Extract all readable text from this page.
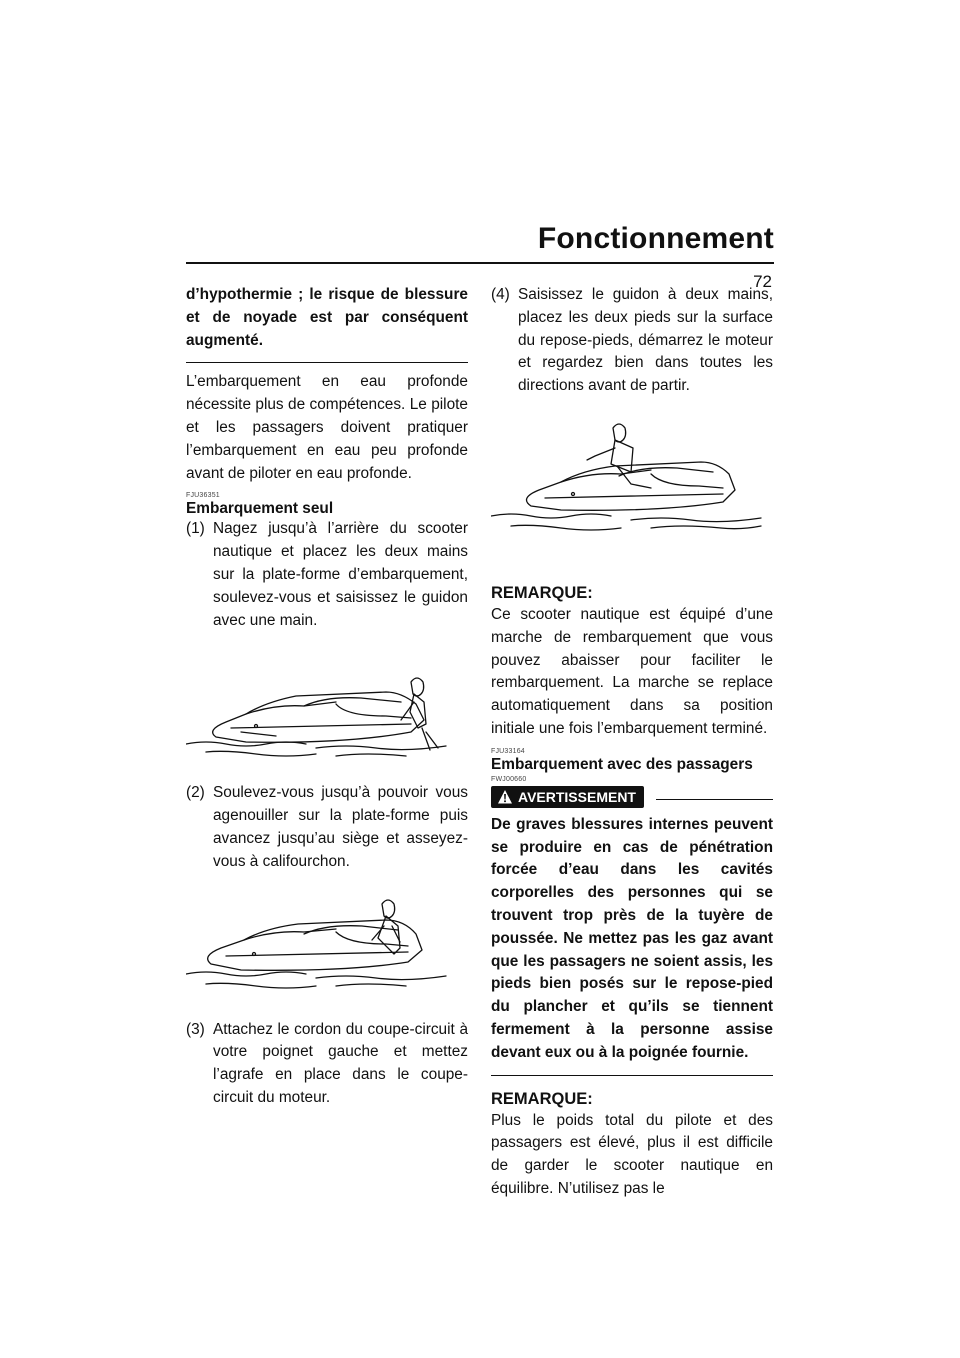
Fonctionnement
72

d’hypothermie ; le risque de blessure et de noyade est par conséquent augmenté.

L’embarquement en eau profonde nécessite plus de compétences. Le pilote et les passagers doivent pratiquer l’embarquement en eau peu profonde avant de piloter en eau profonde.

FJU36351
Embarquement seul
(1) Nagez jusqu’à l’arrière du scooter nautique et placez les deux mains sur la plate-forme d’embarquement, soulevez-vous et saisissez le guidon avec une main.
(2) Soulevez-vous jusqu’à pouvoir vous agenouiller sur la plate-forme puis avancez jusqu’au siège et asseyez-vous à califourchon.
(3) Attachez le cordon du coupe-circuit à votre poignet gauche et mettez l’agrafe en place dans le coupe-circuit du moteur.
(4) Saisissez le guidon à deux mains, placez les deux pieds sur la surface du repose-pieds, démarrez le moteur et regardez bien dans toutes les directions avant de partir.
REMARQUE:

Ce scooter nautique est équipé d’une marche de rembarquement que vous pouvez abaisser pour faciliter le rembarquement. La marche se replace automatiquement dans sa position initiale une fois l’embarquement terminé.

FJU33164
Embarquement avec des passagers
FWJ00660
AVERTISSEMENT

De graves blessures internes peuvent se produire en cas de pénétration forcée d’eau dans les cavités corporelles des personnes qui se trouvent trop près de la tuyère de poussée. Ne mettez pas les gaz avant que les passagers ne soient assis, les pieds bien posés sur le repose-pied du plancher et qu’ils se tiennent fermement à la personne assise devant eux ou à la poignée fournie.

REMARQUE:

Plus le poids total du pilote et des passagers est élevé, plus il est difficile de garder le scooter nautique en équilibre. N’utilisez pas le
